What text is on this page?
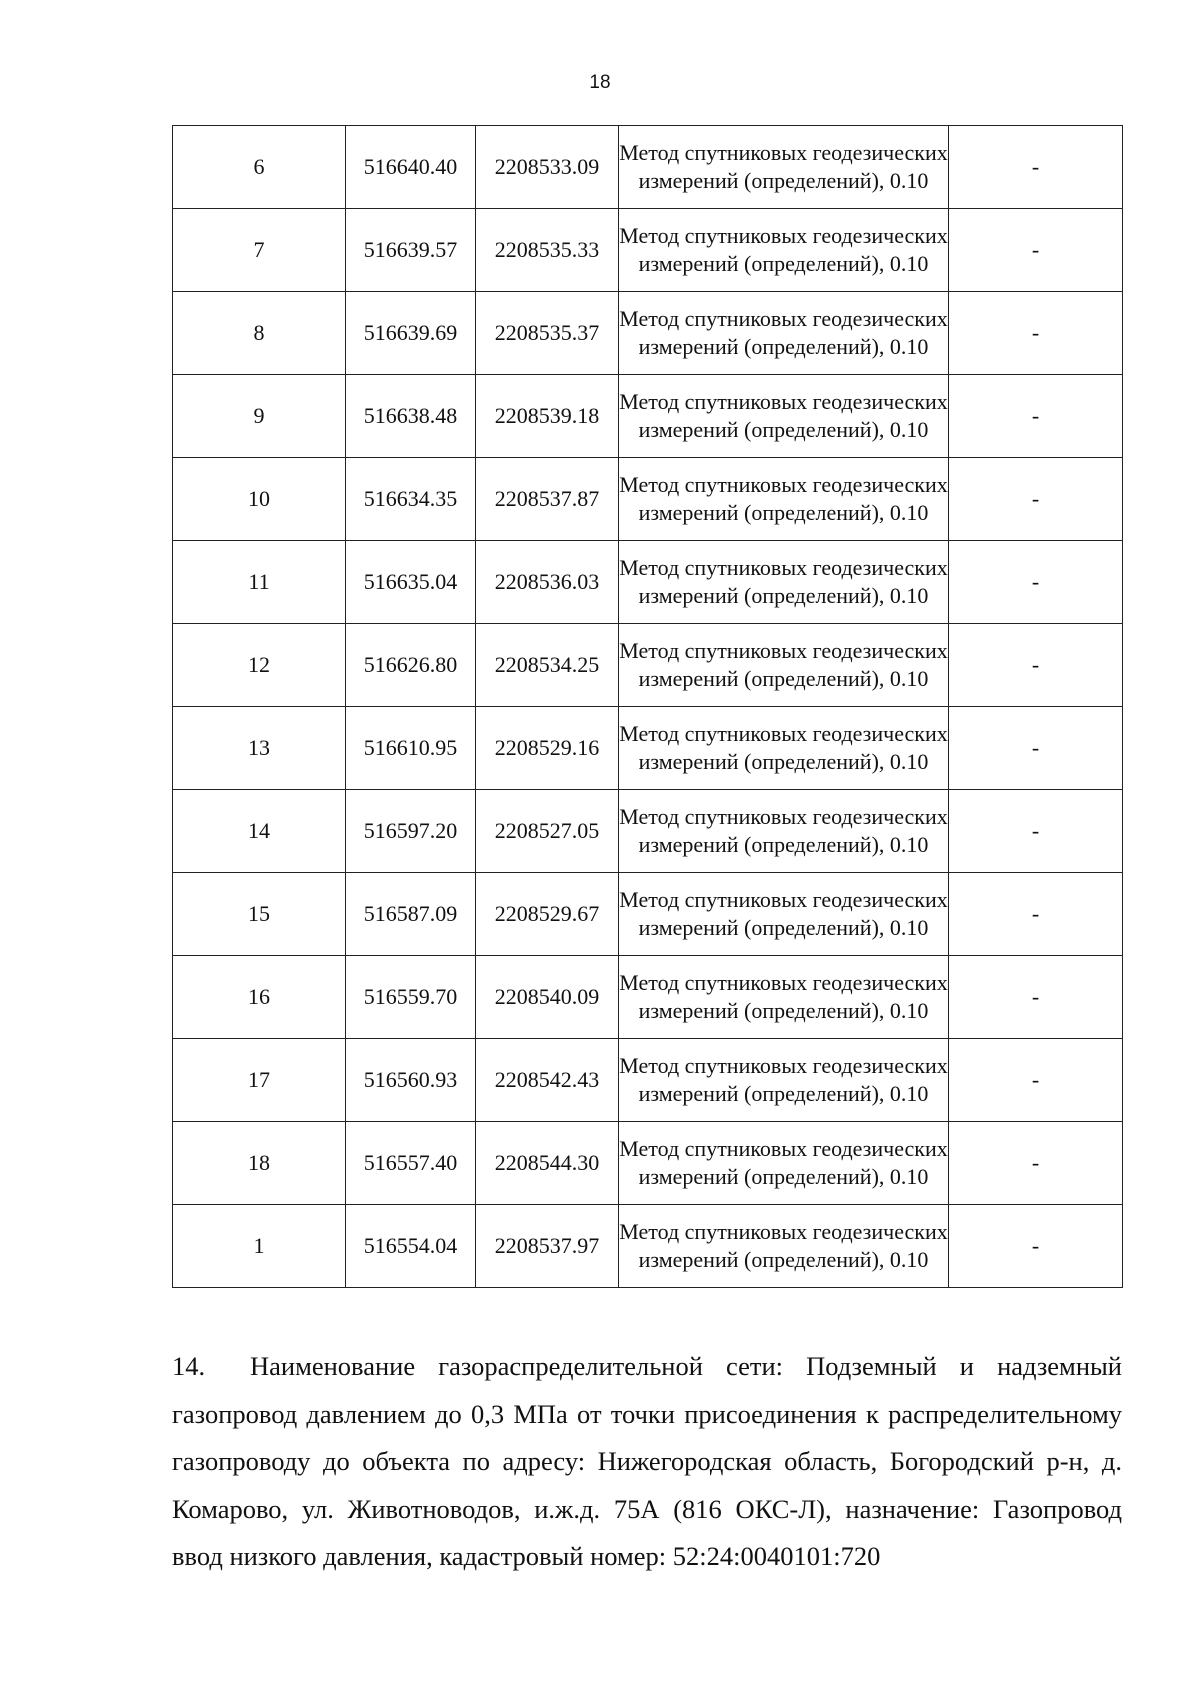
18
6	516640.40	2208533.09	Метод спутниковых геодезических измерений (определений), 0.10	-
7	516639.57	2208535.33	Метод спутниковых геодезических измерений (определений), 0.10	-
8	516639.69	2208535.37	Метод спутниковых геодезических измерений (определений), 0.10	-
9	516638.48	2208539.18	Метод спутниковых геодезических измерений (определений), 0.10	-
10	516634.35	2208537.87	Метод спутниковых геодезических измерений (определений), 0.10	-
11	516635.04	2208536.03	Метод спутниковых геодезических измерений (определений), 0.10	-
12	516626.80	2208534.25	Метод спутниковых геодезических измерений (определений), 0.10	-
13	516610.95	2208529.16	Метод спутниковых геодезических измерений (определений), 0.10	-
14	516597.20	2208527.05	Метод спутниковых геодезических измерений (определений), 0.10	-
15	516587.09	2208529.67	Метод спутниковых геодезических измерений (определений), 0.10	-
16	516559.70	2208540.09	Метод спутниковых геодезических измерений (определений), 0.10	-
17	516560.93	2208542.43	Метод спутниковых геодезических измерений (определений), 0.10	-
18	516557.40	2208544.30	Метод спутниковых геодезических измерений (определений), 0.10	-
1	516554.04	2208537.97	Метод спутниковых геодезических измерений (определений), 0.10	-

14. Наименование газораспределительной сети: Подземный и надземный газопровод давлением до 0,3 МПа от точки присоединения к распределительному газопроводу до объекта по адресу: Нижегородская область, Богородский р-н, д. Комарово, ул. Животноводов, и.ж.д. 75А (816 ОКС-Л), назначение: Газопровод ввод низкого давления, кадастровый номер: 52:24:0040101:720
